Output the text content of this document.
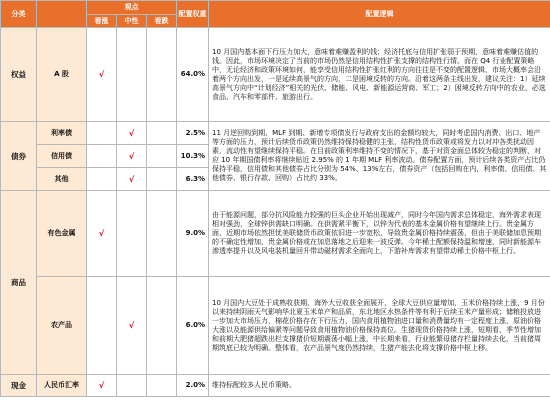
分类		观点			配置权重	配置逻辑
		看涨	中性	看跌		
权益	A 股	√			64.0%	10 月国内基本面下行压力加大，意味着难赚盈利的钱；经济托底与信用扩张弱于预期，意味着难赚估值的钱。因此，市场环境决定了当前的市场仍然是信用结构性扩张支撑的结构性行情。而在 Q4 行业配置策略中，无论经济和政策环境如何，能享受信用结构性扩张红利的方向往往是不变的配置逻辑，市场大概率会沿着两个方向出发，一是延续高景气的方向，二是困境反转的方向。沿着这两条主线出发，建议关注：1）延续高景气方向中“计划经济”相关的光伏、储能、风电、新能源运营商、军工；2）困境反转方向中的农业、必选食品、汽车和零部件、旅游出行。
债券	利率债		√		2.5%	11 月逆回购到期，MLF 到期、新增专项债发行与政府支出的金额均较大，同时考虑国内消费、出口、地产等方面的压力，预计后续货币政策仍然维持保持稳健的主张，结构性货币政策或将发力以对冲各类扰动因素，流动性有望继续保持平稳。在目前政策利率维持不变的情况下，基于对资金面总体较为稳定的判断，对应 10 年期国债利率将继续贴近 2.95% 的 1 年期 MLF 利率波动。债券配置方面，预计后续各类资产占比仍保持平稳，信用债和其他债券占比分别为 54%、13%左右，债券资产（包括回购在内，利率债、信用债、其他债券、银行存款、回购）占比约 33%。
	信用债		√		10.3%	
	其他		√		6.3%	
商品	有色金属	√			9.0%	由于能源问题，部分抗风险能力较强的巨头企业开始出现减产，同时今年国内需求总体稳定，海外需求表现相对强劲，全球锌供需缺口明确。在供需紧平衡下，以锌为代表的基本金属价格有望继续上行。贵金属方面，近期市场依然担忧美联储货币政策依旧进一步宽松，导致贵金属价格持续震荡，但由于美联储加息预期的不确定性增加，贵金属价格或在加息落地之后迎来一波反弹。今年稀土配额保持温和增速，同时新能源车渗透率提升以及风电装机量回升带动磁材需求全面向上，下游补库需求有望带动稀土价格中枢上行。
	农产品		√		6.0%	10 月国内大豆处于成熟收获期，海外大豆收获全面展开，全球大豆供应量增加，玉米价格持续上涨，9 月份以来持续阴雨天气影响华北夏玉米单产和品质，东北地区水热条件等有利于后续玉米产量形成；储粮投放进一步加大市场压力，棉花价格存在下行压力，国内食用植物油进口量和消费量均有一定程度上涨，原油价格大涨以及能源供给偏紧等问题导致食用植物油价格保持高位。生猪现货价格持续上涨，短期看，季节性增加和前期大肥猪超跌出栏支撑猪价短期震荡小幅上涨，中长期来看，行业能繁母猪存栏量持续去化，当前猪周期筑底已较为明确。整体看，农产品景气度仍然持续，生猪产能去化将支撑价格中枢上移。
现金	人民币汇率	√			2.0%	维持标配较多人民币策略。
